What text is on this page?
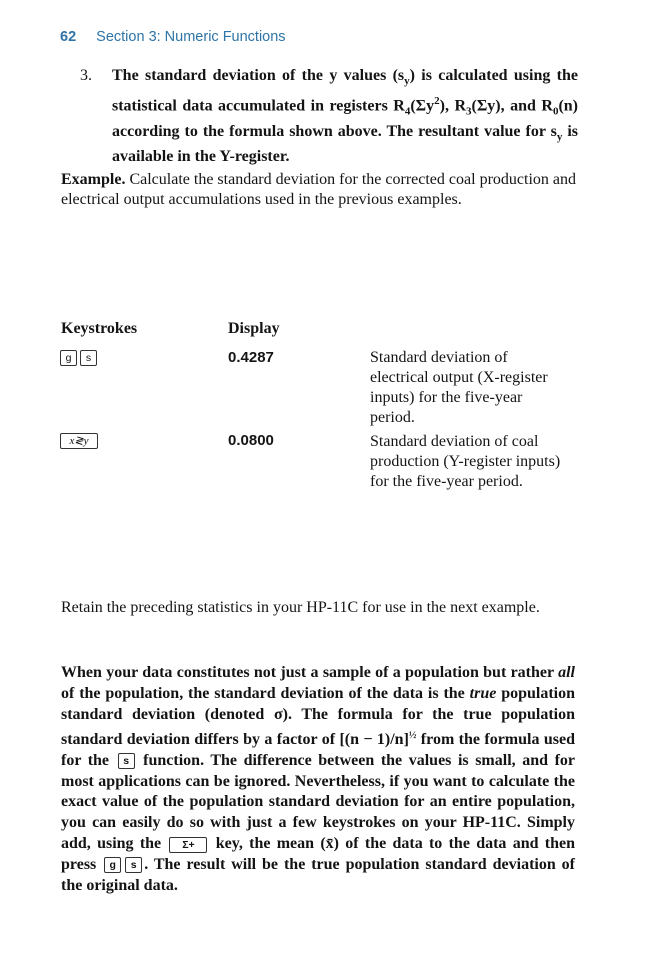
62 Section 3: Numeric Functions
3. The standard deviation of the y values $(s_y)$ is calculated using the statistical data accumulated in registers $R_4(\Sigma y^2)$, $R_3(\Sigma y)$, and $R_0(n)$ according to the formula shown above. The resultant value for $s_y$ is available in the Y-register.

Example. Calculate the standard deviation for the corrected coal production and electrical output accumulations used in the previous examples.

Keystrokes	Display
g s	0.4287	Standard deviation of electrical output (X-register inputs) for the five-year period.
x≷y	0.0800	Standard deviation of coal production (Y-register inputs) for the five-year period.

Retain the preceding statistics in your HP-11C for use in the next example.

When your data constitutes not just a sample of a population but rather all of the population, the standard deviation of the data is the true population standard deviation (denoted σ). The formula for the true population standard deviation differs by a factor of $[(n - 1)/n]^{\frac{1}{2}}$ from the formula used for the s function. The difference between the values is small, and for most applications can be ignored. Nevertheless, if you want to calculate the exact value of the population standard deviation for an entire population, you can easily do so with just a few keystrokes on your HP-11C. Simply add, using the Σ+ key, the mean (x̄) of the data to the data and then press g s . The result will be the true population standard deviation of the original data.
